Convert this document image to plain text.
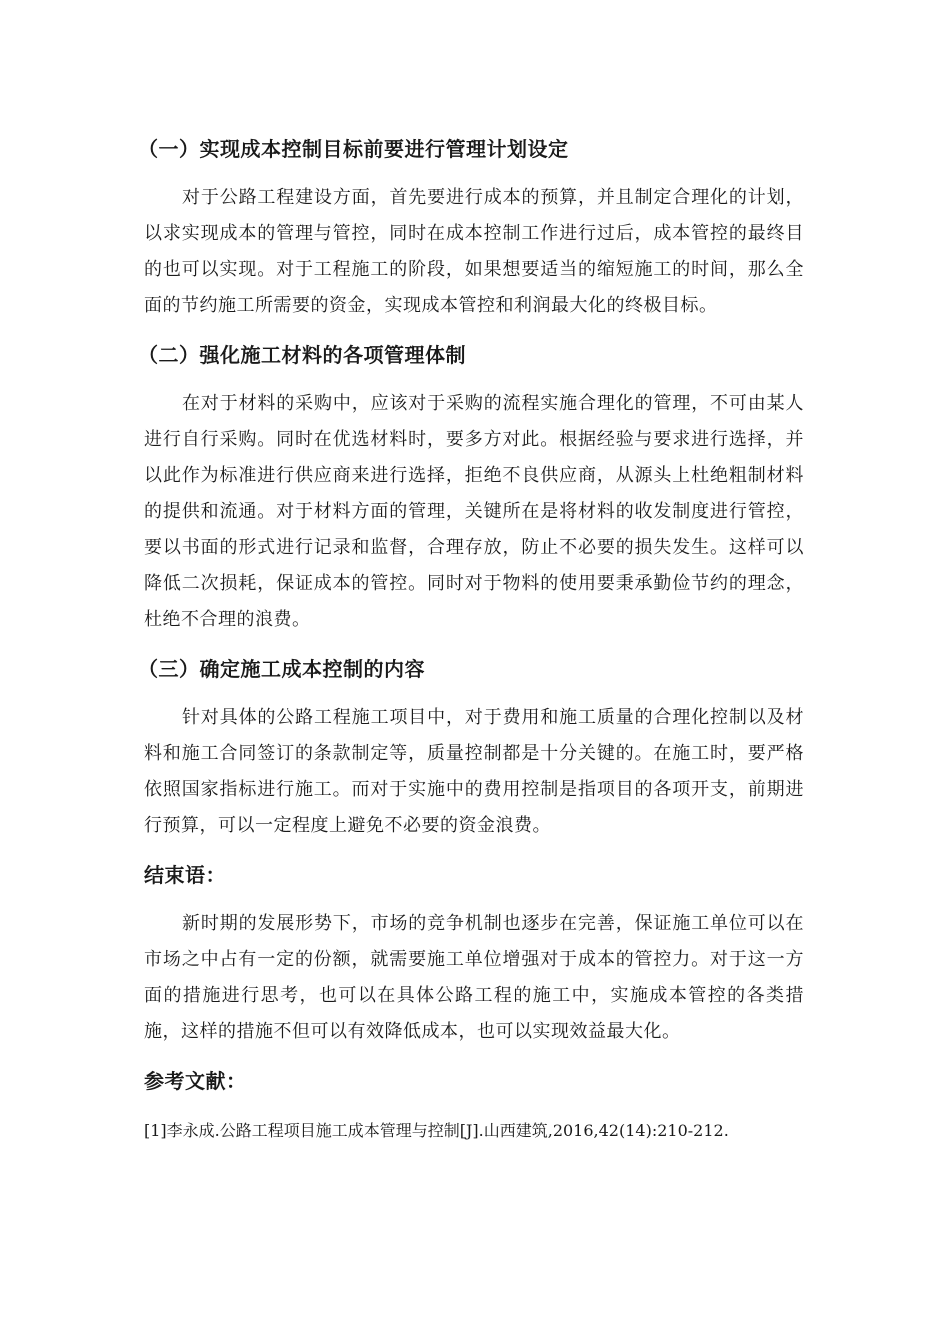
（一）实现成本控制目标前要进行管理计划设定

对于公路工程建设方面，首先要进行成本的预算，并且制定合理化的计划，以求实现成本的管理与管控，同时在成本控制工作进行过后，成本管控的最终目的也可以实现。对于工程施工的阶段，如果想要适当的缩短施工的时间，那么全面的节约施工所需要的资金，实现成本管控和利润最大化的终极目标。

（二）强化施工材料的各项管理体制

在对于材料的采购中，应该对于采购的流程实施合理化的管理，不可由某人进行自行采购。同时在优选材料时，要多方对此。根据经验与要求进行选择，并以此作为标准进行供应商来进行选择，拒绝不良供应商，从源头上杜绝粗制材料的提供和流通。对于材料方面的管理，关键所在是将材料的收发制度进行管控，要以书面的形式进行记录和监督，合理存放，防止不必要的损失发生。这样可以降低二次损耗，保证成本的管控。同时对于物料的使用要秉承勤俭节约的理念，杜绝不合理的浪费。

（三）确定施工成本控制的内容

针对具体的公路工程施工项目中，对于费用和施工质量的合理化控制以及材料和施工合同签订的条款制定等，质量控制都是十分关键的。在施工时，要严格依照国家指标进行施工。而对于实施中的费用控制是指项目的各项开支，前期进行预算，可以一定程度上避免不必要的资金浪费。

结束语：

新时期的发展形势下，市场的竞争机制也逐步在完善，保证施工单位可以在市场之中占有一定的份额，就需要施工单位增强对于成本的管控力。对于这一方面的措施进行思考，也可以在具体公路工程的施工中，实施成本管控的各类措施，这样的措施不但可以有效降低成本，也可以实现效益最大化。

参考文献：

[1]李永成.公路工程项目施工成本管理与控制[J].山西建筑,2016,42(14):210-212.
